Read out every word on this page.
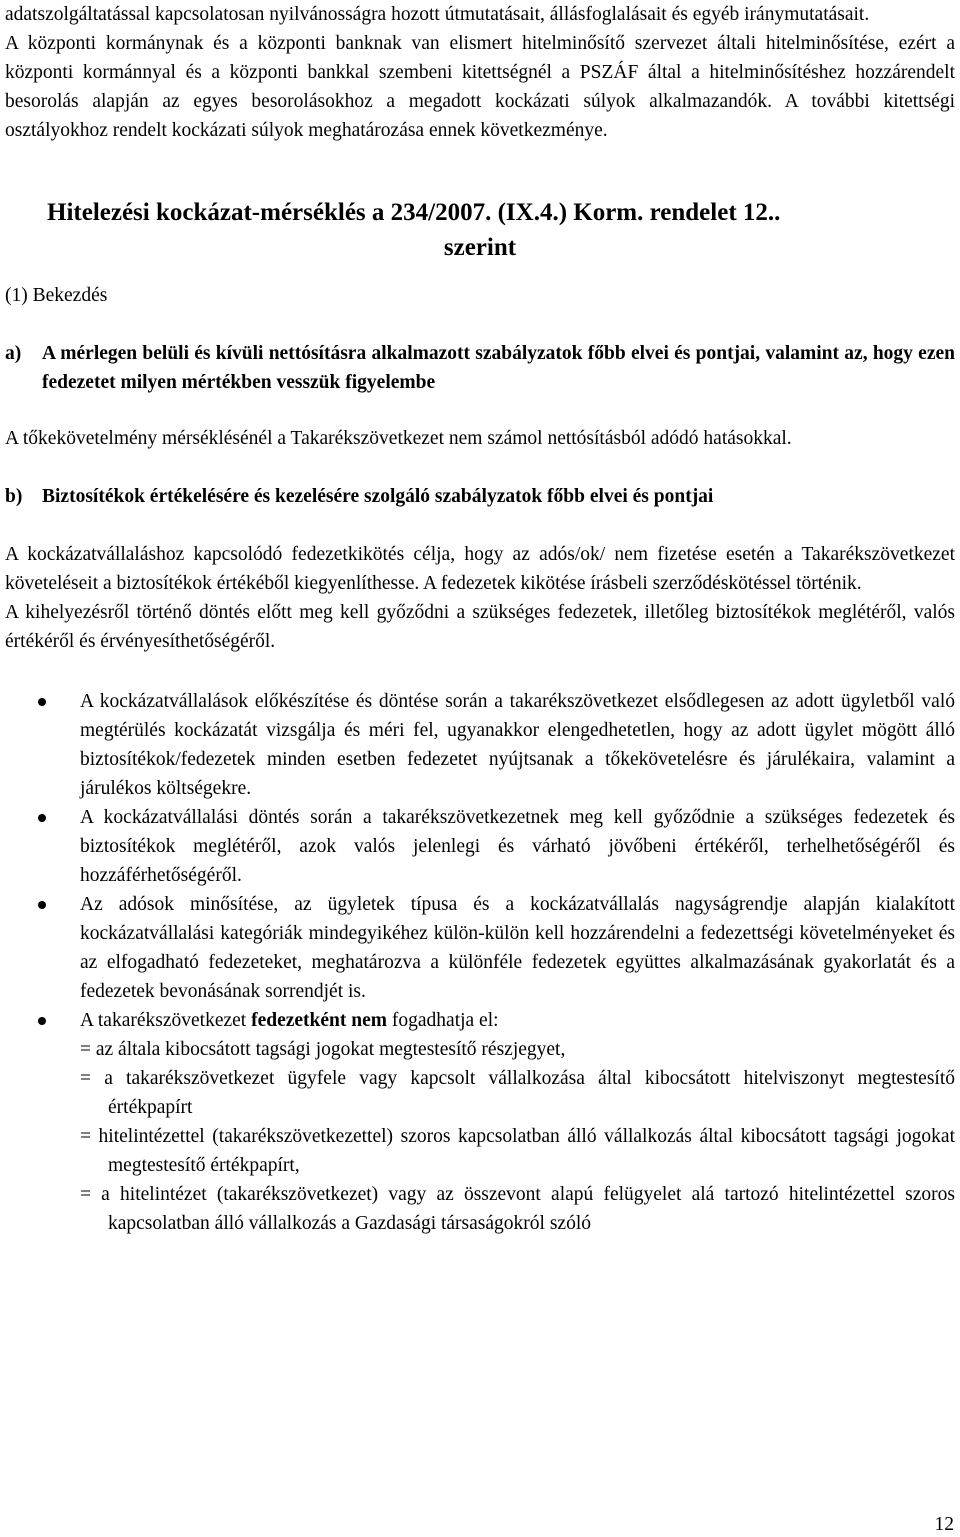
adatszolgáltatással kapcsolatosan nyilvánosságra hozott útmutatásait, állásfoglalásait és egyéb iránymutatásait.

A központi kormánynak és a központi banknak van elismert hitelminősítő szervezet általi hitelminősítése, ezért a központi kormánnyal és a központi bankkal szembeni kitettségnél a PSZÁF által a hitelminősítéshez hozzárendelt besorolás alapján az egyes besorolásokhoz a megadott kockázati súlyok alkalmazandók. A további kitettségi osztályokhoz rendelt kockázati súlyok meghatározása ennek következménye.

Hitelezési kockázat-mérséklés a 234/2007. (IX.4.) Korm. rendelet 12..

szerint

(1) Bekezdés

a)	A mérlegen belüli és kívüli nettósításra alkalmazott szabályzatok főbb elvei és pontjai, valamint az, hogy ezen fedezetet milyen mértékben vesszük figyelembe

A tőkekövetelmény mérséklésénél a Takarékszövetkezet nem számol nettósításból adódó hatásokkal.

b)	Biztosítékok értékelésére és kezelésére szolgáló szabályzatok főbb elvei és pontjai

A kockázatvállaláshoz kapcsolódó fedezetkikötés célja, hogy az adós/ok/ nem fizetése esetén a Takarékszövetkezet követeléseit a biztosítékok értékéből kiegyenlíthesse. A fedezetek kikötése írásbeli szerződéskötéssel történik.

A kihelyezésről történő döntés előtt meg kell győződni a szükséges fedezetek, illetőleg biztosítékok meglétéről, valós értékéről és érvényesíthetőségéről.

A kockázatvállalások előkészítése és döntése során a takarékszövetkezet elsődlegesen az adott ügyletből való megtérülés kockázatát vizsgálja és méri fel, ugyanakkor elengedhetetlen, hogy az adott ügylet mögött álló biztosítékok/fedezetek minden esetben fedezetet nyújtsanak a tőkekövetelésre és járulékaira, valamint a járulékos költségekre.
A kockázatvállalási döntés során a takarékszövetkezetnek meg kell győződnie a szükséges fedezetek és biztosítékok meglétéről, azok valós jelenlegi és várható jövőbeni értékéről, terhelhetőségéről és hozzáférhetőségéről.
Az adósok minősítése, az ügyletek típusa és a kockázatvállalás nagyságrendje alapján kialakított kockázatvállalási kategóriák mindegyikéhez külön-külön kell hozzárendelni a fedezettségi követelményeket és az elfogadható fedezeteket, meghatározva a különféle fedezetek együttes alkalmazásának gyakorlatát és a fedezetek bevonásának sorrendjét is.
A takarékszövetkezet fedezetként nem fogadhatja el:
= az általa kibocsátott tagsági jogokat megtestesítő részjegyet,
= a takarékszövetkezet ügyfele vagy kapcsolt vállalkozása által kibocsátott hitelviszonyt megtestesítő értékpapírt
= hitelintézettel (takarékszövetkezettel) szoros kapcsolatban álló vállalkozás által kibocsátott tagsági jogokat megtestesítő értékpapírt,
= a hitelintézet (takarékszövetkezet) vagy az összevont alapú felügyelet alá tartozó hitelintézettel szoros kapcsolatban álló vállalkozás a Gazdasági társaságokról szóló
12
